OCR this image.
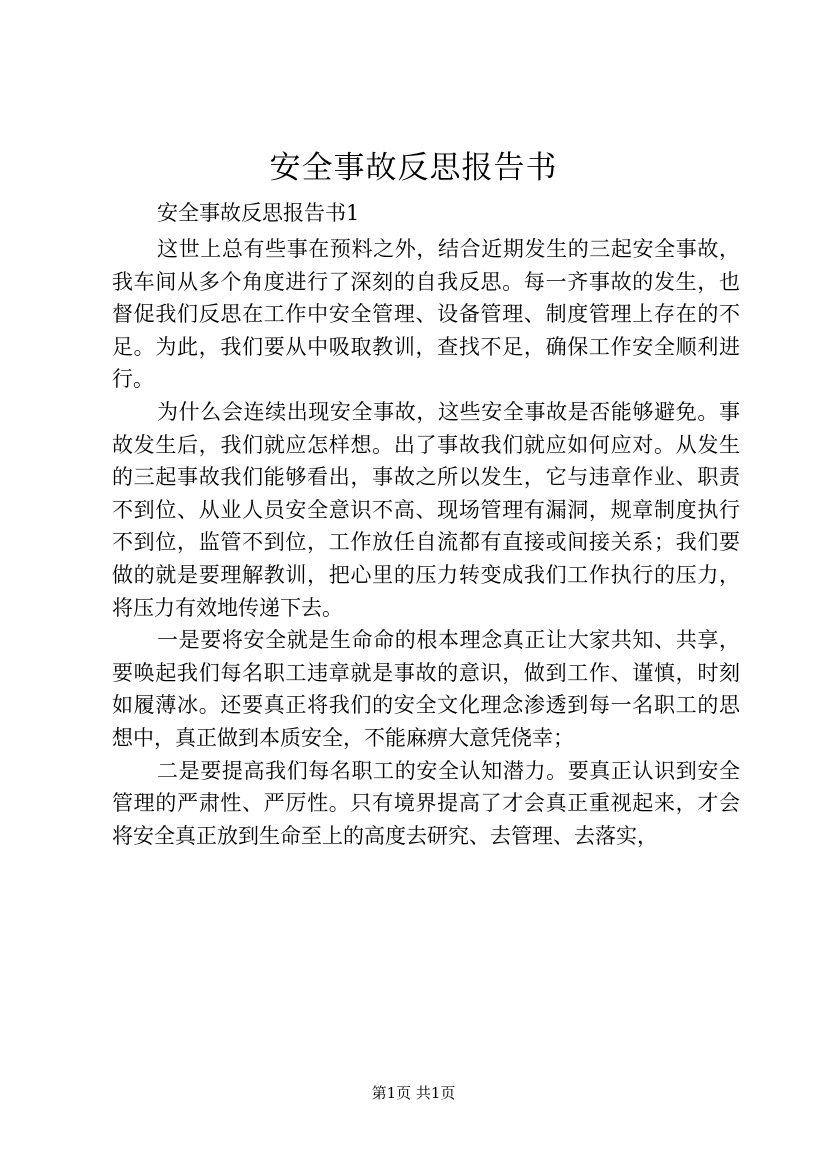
安全事故反思报告书
安全事故反思报告书1

这世上总有些事在预料之外，结合近期发生的三起安全事故，我车间从多个角度进行了深刻的自我反思。每一齐事故的发生，也督促我们反思在工作中安全管理、设备管理、制度管理上存在的不足。为此，我们要从中吸取教训，查找不足，确保工作安全顺利进行。

为什么会连续出现安全事故，这些安全事故是否能够避免。事故发生后，我们就应怎样想。出了事故我们就应如何应对。从发生的三起事故我们能够看出，事故之所以发生，它与违章作业、职责不到位、从业人员安全意识不高、现场管理有漏洞，规章制度执行不到位，监管不到位，工作放任自流都有直接或间接关系；我们要做的就是要理解教训，把心里的压力转变成我们工作执行的压力，将压力有效地传递下去。

一是要将安全就是生命命的根本理念真正让大家共知、共享，要唤起我们每名职工违章就是事故的意识，做到工作、谨慎，时刻如履薄冰。还要真正将我们的安全文化理念渗透到每一名职工的思想中，真正做到本质安全，不能麻痹大意凭侥幸；

二是要提高我们每名职工的安全认知潜力。要真正认识到安全管理的严肃性、严厉性。只有境界提高了才会真正重视起来，才会将安全真正放到生命至上的高度去研究、去管理、去落实，

第1页 共1页
